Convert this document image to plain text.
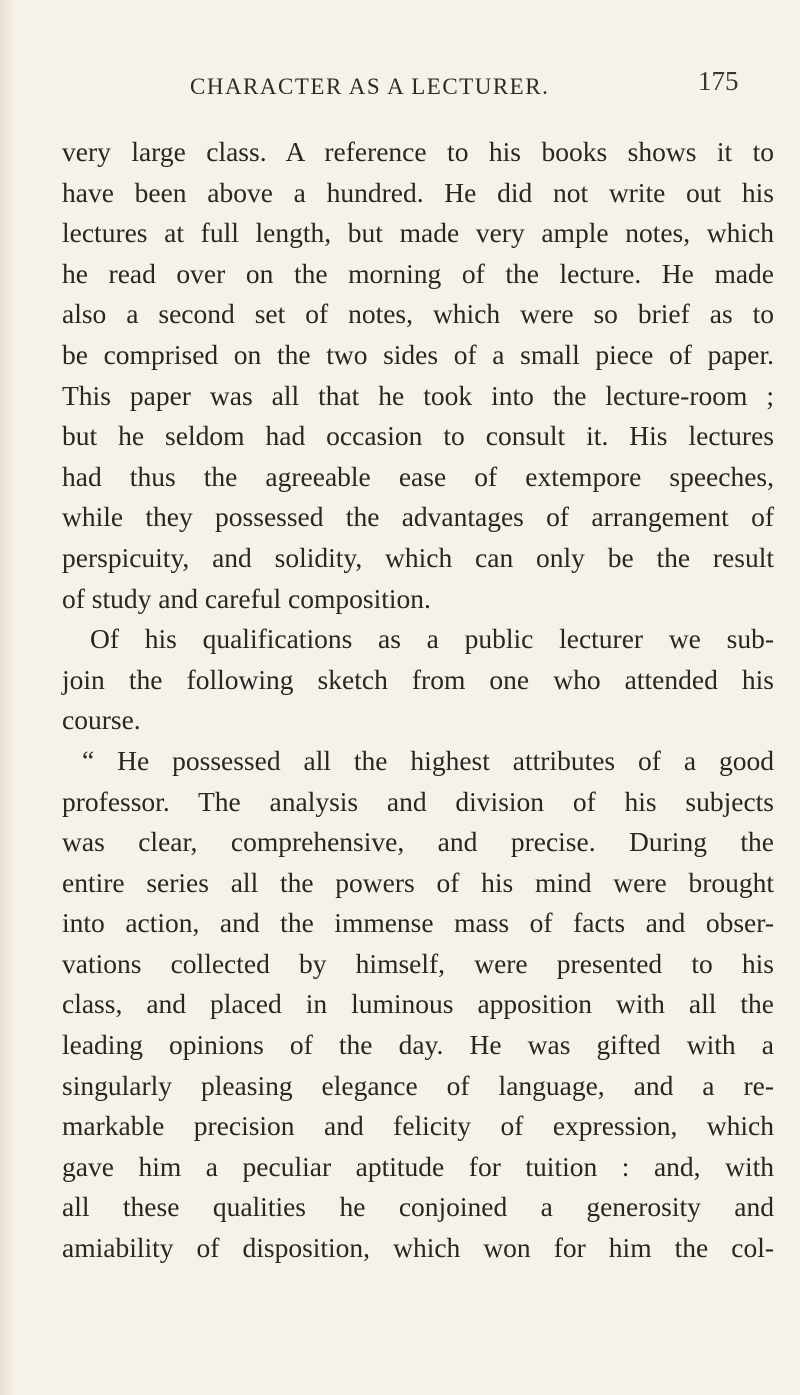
CHARACTER AS A LECTURER.	175
very large class. A reference to his books shows it to
have been above a hundred. He did not write out his
lectures at full length, but made very ample notes, which
he read over on the morning of the lecture. He made
also a second set of notes, which were so brief as to
be comprised on the two sides of a small piece of paper.
This paper was all that he took into the lecture-room ;
but he seldom had occasion to consult it. His lectures
had thus the agreeable ease of extempore speeches,
while they possessed the advantages of arrangement of
perspicuity, and solidity, which can only be the result
of study and careful composition.
Of his qualifications as a public lecturer we sub-
join the following sketch from one who attended his
course.
“ He possessed all the highest attributes of a good
professor. The analysis and division of his subjects
was clear, comprehensive, and precise. During the
entire series all the powers of his mind were brought
into action, and the immense mass of facts and obser-
vations collected by himself, were presented to his
class, and placed in luminous apposition with all the
leading opinions of the day. He was gifted with a
singularly pleasing elegance of language, and a re-
markable precision and felicity of expression, which
gave him a peculiar aptitude for tuition : and, with
all these qualities he conjoined a generosity and
amiability of disposition, which won for him the col-
